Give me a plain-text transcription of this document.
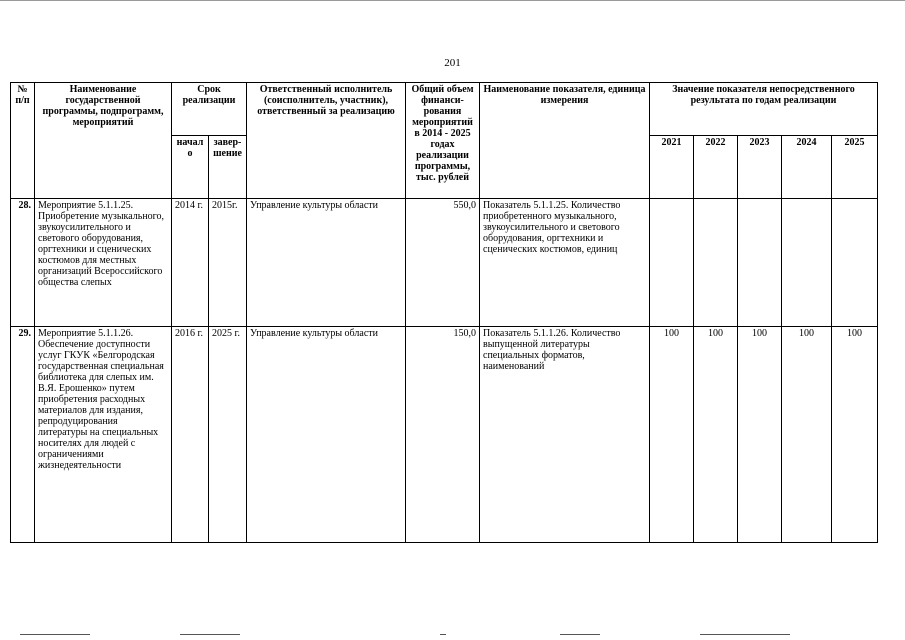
201
№ п/п	Наименование государственной программы, подпрограмм, мероприятий	Срок реализации		Ответственный исполнитель (соисполнитель, участник), ответственный за реализацию	Общий объем финанси-рования мероприятий в 2014 - 2025 годах реализации программы, тыс. рублей	Наименование показателя, единица измерения	Значение показателя непосредственного результата по годам реализации				
		начало	завер-шение				2021	2022	2023	2024	2025
28.	Мероприятие 5.1.1.25. Приобретение музыкального, звукоусилительного и светового оборудования, оргтехники и сценических костюмов для местных организаций Всероссийского общества слепых	2014 г.	2015г.	Управление культуры области	550,0	Показатель 5.1.1.25. Количество приобретенного музыкального, звукоусилительного и светового оборудования, оргтехники и сценических костюмов, единиц					
29.	Мероприятие 5.1.1.26. Обеспечение доступности услуг ГКУК «Белгородская государственная специальная библиотека для слепых им. В.Я. Ерошенко» путем приобретения расходных материалов для издания, репродуцирования литературы на специальных носителях для людей с ограничениями жизнедеятельности	2016 г.	2025 г.	Управление культуры области	150,0	Показатель 5.1.1.26. Количество выпущенной литературы специальных форматов, наименований	100	100	100	100	100
